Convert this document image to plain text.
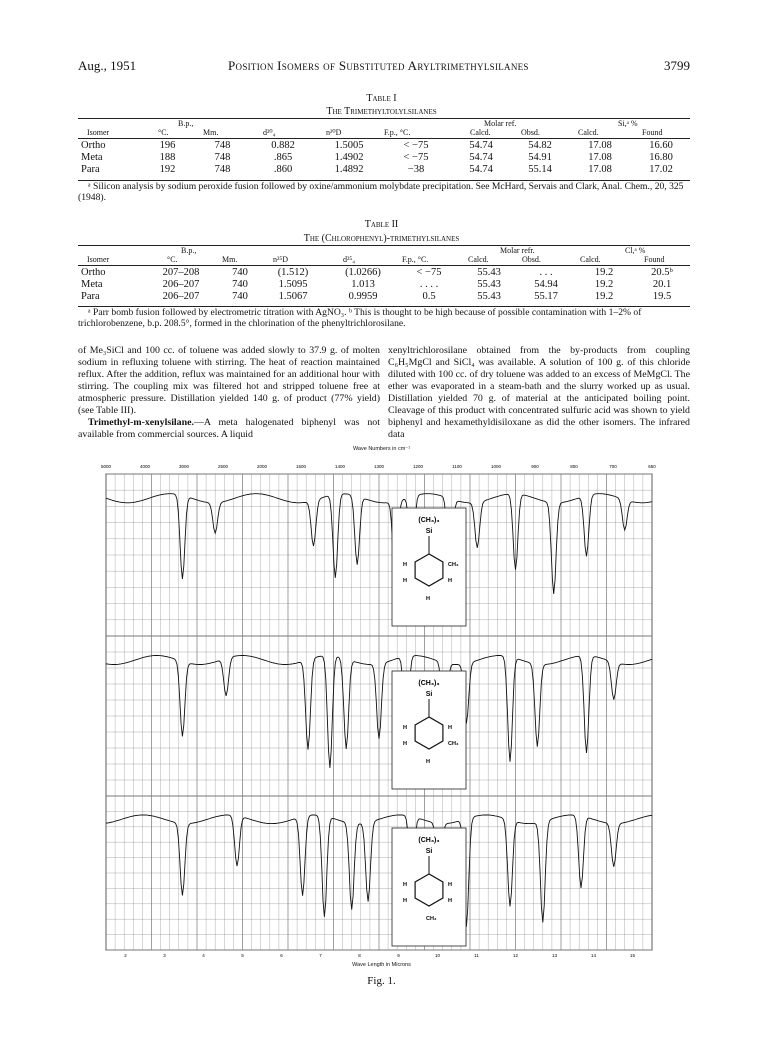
Aug., 1951	Position Isomers of Substituted Aryltrimethylsilanes	3799
Table I
The Trimethyltolylsilanes
B.p.,	Molar ref.	Si,ᵃ %
Isomer	°C.	Mm.	d²⁰₄	n²⁰D	F.p., °C.	Calcd.	Obsd.	Calcd.	Found
Ortho	196	748	0.882	1.5005	< −75	54.74	54.82	17.08	16.60
Meta	188	748	.865	1.4902	< −75	54.74	54.91	17.08	16.80
Para	192	748	.860	1.4892	−38	54.74	55.14	17.08	17.02
ᵃ Silicon analysis by sodium peroxide fusion followed by oxine/ammonium molybdate precipitation. See McHard, Servais and Clark, Anal. Chem., 20, 325 (1948).
Table II
The (Chlorophenyl)-trimethylsilanes
B.p.,	Molar refr.	Cl,ᵃ %
Isomer	°C.	Mm.	n²⁵D	d²⁵₄	F.p., °C.	Calcd.	Obsd.	Calcd.	Found
Ortho	207–208	740	(1.512)	(1.0266)	< −75	55.43	. . .	19.2	20.5ᵇ
Meta	206–207	740	1.5095	1.013	. . . .	55.43	54.94	19.2	20.1
Para	206–207	740	1.5067	0.9959	0.5	55.43	55.17	19.2	19.5
ᵃ Parr bomb fusion followed by electrometric titration with AgNO₃. ᵇ This is thought to be high because of possible contamination with 1–2% of trichlorobenzene, b.p. 208.5°, formed in the chlorination of the phenyltrichlorosilane.

of Me₃SiCl and 100 cc. of toluene was added slowly to 37.9 g. of molten sodium in refluxing toluene with stirring. The heat of reaction maintained reflux. After the addition, reflux was maintained for an additional hour with stirring. The coupling mix was filtered hot and stripped toluene free at atmospheric pressure. Distillation yielded 140 g. of product (77% yield) (see Table III).

Trimethyl-m-xenylsilane.—A meta halogenated biphenyl was not available from commercial sources. A liquid

xenyltrichlorosilane obtained from the by-products from coupling C₆H₅MgCl and SiCl₄ was available. A solution of 100 g. of this chloride diluted with 100 cc. of dry toluene was added to an excess of MeMgCl. The ether was evaporated in a steam-bath and the slurry worked up as usual. Distillation yielded 70 g. of material at the anticipated boiling point. Cleavage of this product with concentrated sulfuric acid was shown to yield biphenyl and hexamethyldisiloxane as did the other isomers. The infrared data

Wave Numbers in cm⁻¹
5000	4000	3000	2500	2000	1500	1400	1300	1200	1100	1000	900	800	700	650
2	3	4	5	6	7	8	9	10	11	12	13	14	15
(CH₃)₃
Si
H	CH₃
H	H
H
(CH₃)₃
Si
H	H
H	CH₃
H
(CH₃)₃
Si
H	H
H	H
CH₃
Wave Length in Microns
Fig. 1.
